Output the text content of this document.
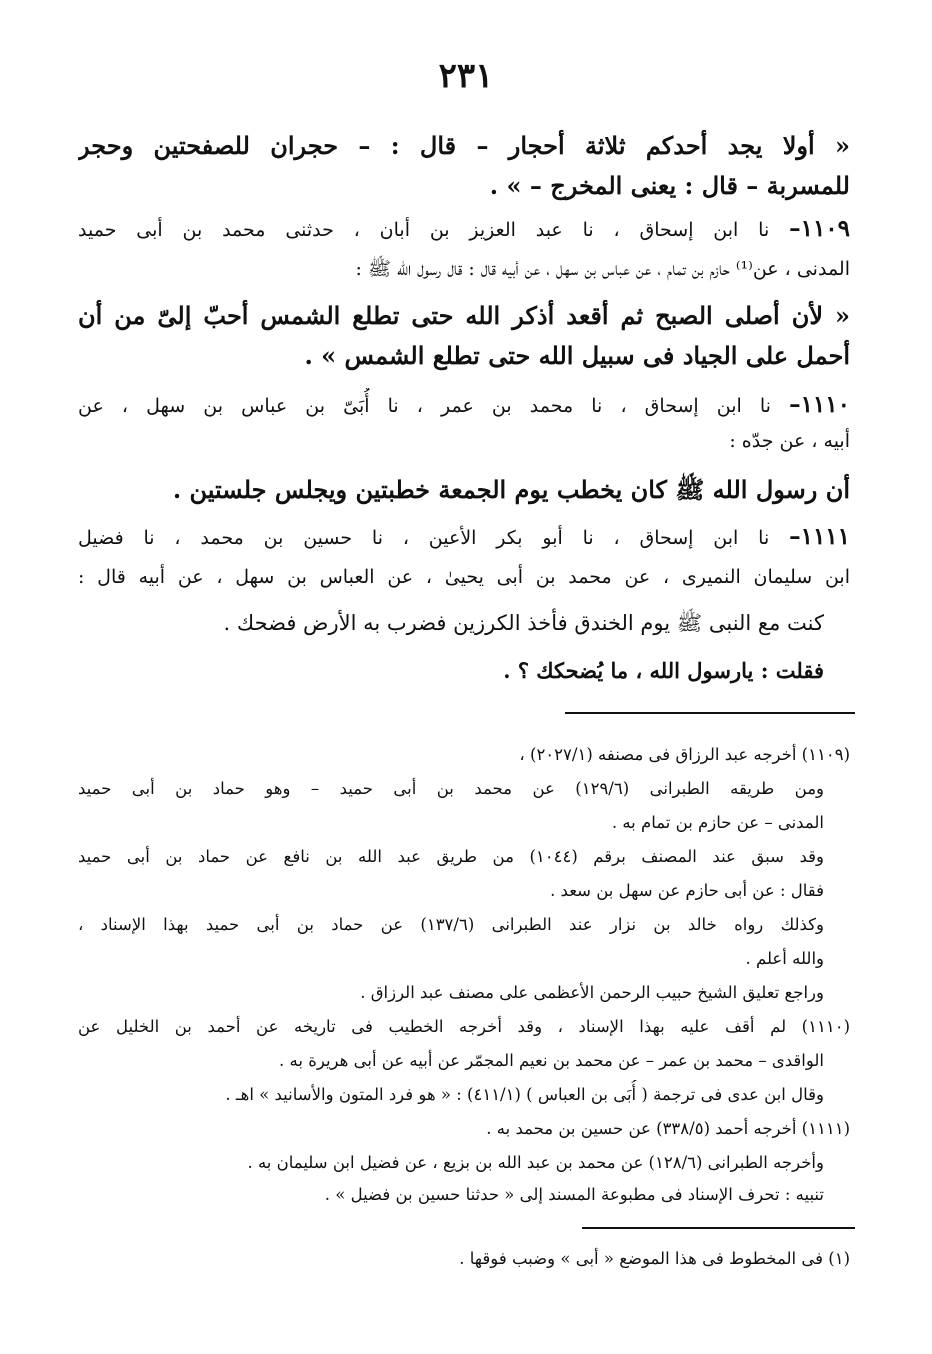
٢٣١
« أولا يجد أحدكم ثلاثة أحجار – قال : – حجران للصفحتين وحجر
للمسربة – قال : يعنى المخرج – » .
١١٠٩– نا ابن إسحاق ، نا عبد العزيز بن أبان ، حدثنى محمد بن أبى حميد
المدنى ، عن⁽¹⁾ حازم بن تمام ، عن عباس بن سهل ، عن أبيه قال : قال رسول الله ﷺ :
« لأن أصلى الصبح ثم أقعد أذكر الله حتى تطلع الشمس أحبّ إلىّ من أن
أحمل على الجياد فى سبيل الله حتى تطلع الشمس » .
١١١٠– نا ابن إسحاق ، نا محمد بن عمر ، نا أُبَىّ بن عباس بن سهل ، عن
أبيه ، عن جدّه :
أن رسول الله ﷺ كان يخطب يوم الجمعة خطبتين ويجلس جلستين .
١١١١– نا ابن إسحاق ، نا أبو بكر الأعين ، نا حسين بن محمد ، نا فضيل
ابن سليمان النميرى ، عن محمد بن أبى يحيىٰ ، عن العباس بن سهل ، عن أبيه قال :
كنت مع النبى ﷺ يوم الخندق فأخذ الكرزين فضرب به الأرض فضحك .
فقلت : يارسول الله ، ما يُضحكك ؟ .
(١١٠٩) أخرجه عبد الرزاق فى مصنفه (٢٠٢٧/١) ،
ومن طريقه الطبرانى (١٢٩/٦) عن محمد بن أبى حميد – وهو حماد بن أبى حميد
المدنى – عن حازم بن تمام به .
وقد سبق عند المصنف برقم (١٠٤٤) من طريق عبد الله بن نافع عن حماد بن أبى حميد
فقال : عن أبى حازم عن سهل بن سعد .
وكذلك رواه خالد بن نزار عند الطبرانى (١٣٧/٦) عن حماد بن أبى حميد بهذا الإسناد ،
والله أعلم .
وراجع تعليق الشيخ حبيب الرحمن الأعظمى على مصنف عبد الرزاق .
(١١١٠) لم أقف عليه بهذا الإسناد ، وقد أخرجه الخطيب فى تاريخه عن أحمد بن الخليل عن
الواقدى – محمد بن عمر – عن محمد بن نعيم المجمّر عن أبيه عن أبى هريرة به .
وقال ابن عدى فى ترجمة ( أُبَى بن العباس ) (٤١١/١) : « هو فرد المتون والأسانيد » اهـ .
(١١١١) أخرجه أحمد (٣٣٨/٥) عن حسين بن محمد به .
وأخرجه الطبرانى (١٢٨/٦) عن محمد بن عبد الله بن بزيع ، عن فضيل ابن سليمان به .
تنبيه : تحرف الإسناد فى مطبوعة المسند إلى « حدثنا حسين بن فضيل » .
(١) فى المخطوط فى هذا الموضع « أبى » وضبب فوقها .
